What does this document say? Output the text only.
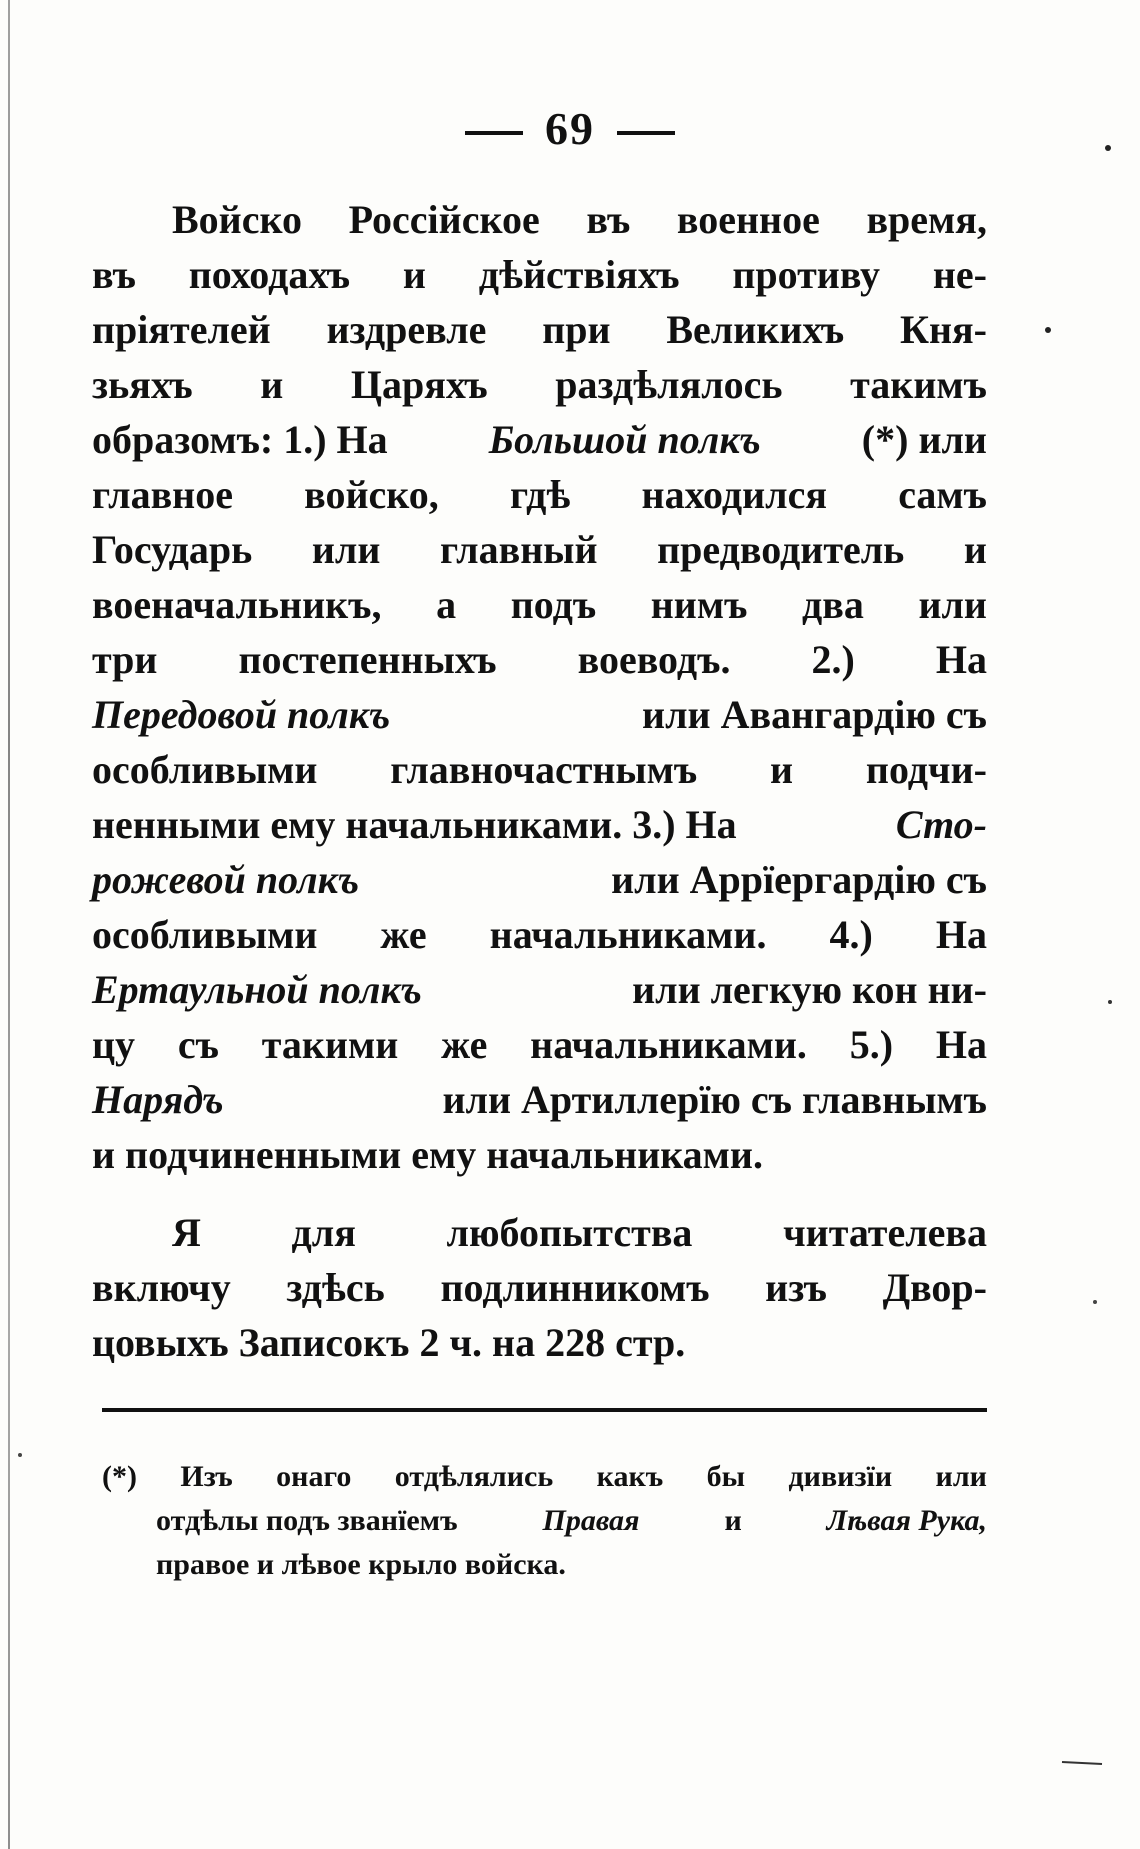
69
Войско Россійское въ военное время,
въ походахъ и дѣйствіяхъ противу не-
пріятелей издревле при Великихъ Кня-
зьяхъ и Царяхъ раздѣлялось такимъ
образомъ: 1.) На Большой полкъ (*) или
главное войско, гдѣ находился самъ
Государь или главный предводитель и
военачальникъ, а подъ нимъ два или
три постепенныхъ воеводъ. 2.) На
Передовой полкъ	или Авангардію съ
особливыми главночастнымъ и подчи-
ненными ему начальниками. 3.) На	Сто-
рожевой полкъ	или Аррїергардію съ
особливыми же начальниками. 4.) На
Ертаульной полкъ	или легкую кон ни-
цу съ такими же начальниками. 5.) На
Нарядъ	или Артиллерїю съ главнымъ
и подчиненными ему начальниками.
Я для любопытства читателева
включу здѣсь подлинникомъ изъ Двор-
цовыхъ Записокъ 2 ч. на 228 стр.
(*) Изъ онаго отдѣлялись какъ бы дивизїи или
отдѣлы подъ званїемъ	Правая	и	Лѣвая Рука,
правое и лѣвое крыло войска.
